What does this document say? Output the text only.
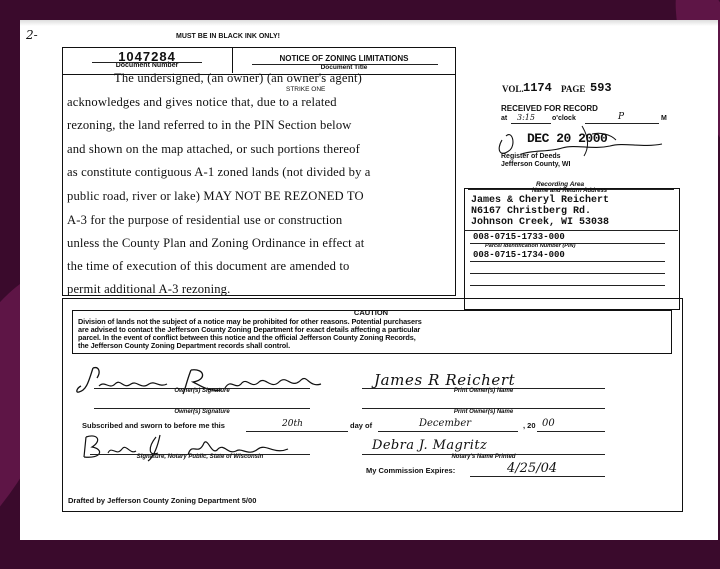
2-	MUST BE IN BLACK INK ONLY!
1047284
Document Number
NOTICE OF ZONING LIMITATIONS
Document Title
The undersigned, (an owner) (an owner's agent)
STRIKE ONE
acknowledges and gives notice that, due to a related
rezoning, the land referred to in the PIN Section below
and shown on the map attached, or such portions thereof
as constitute contiguous A-1 zoned lands (not divided by a
public road, river or lake) MAY NOT BE REZONED TO
A-3 for the purpose of residential use or construction
unless the County Plan and Zoning Ordinance in effect at
the time of execution of this document are amended to
permit additional A-3 rezoning.
VOL. 1174 PAGE 593
RECEIVED FOR RECORD
at 3:15 o'clock	P	M
DEC 20 2000
Register of Deeds
Jefferson County, WI
Recording Area
Name and Return Address
James & Cheryl Reichert
N6167 Christberg Rd.
Johnson Creek, WI 53038
008-0715-1733-000
Parcel Identification Number (PIN)
008-0715-1734-000
CAUTION
Division of lands not the subject of a notice may be prohibited for other reasons. Potential purchasers
are advised to contact the Jefferson County Zoning Department for exact details affecting a particular
parcel. In the event of conflict between this notice and the official Jefferson County Zoning Records,
the Jefferson County Zoning Department records shall control.
Owner(s) Signature
James R Reichert
Print Owner(s) Name
Owner(s) Signature	Print Owner(s) Name
Subscribed and sworn to before me this	20th	day of	December	, 20 00
Signature, Notary Public, State of Wisconsin
Debra J. Magritz
Notary's Name Printed
My Commission Expires:	4/25/04
Drafted by Jefferson County Zoning Department 5/00
